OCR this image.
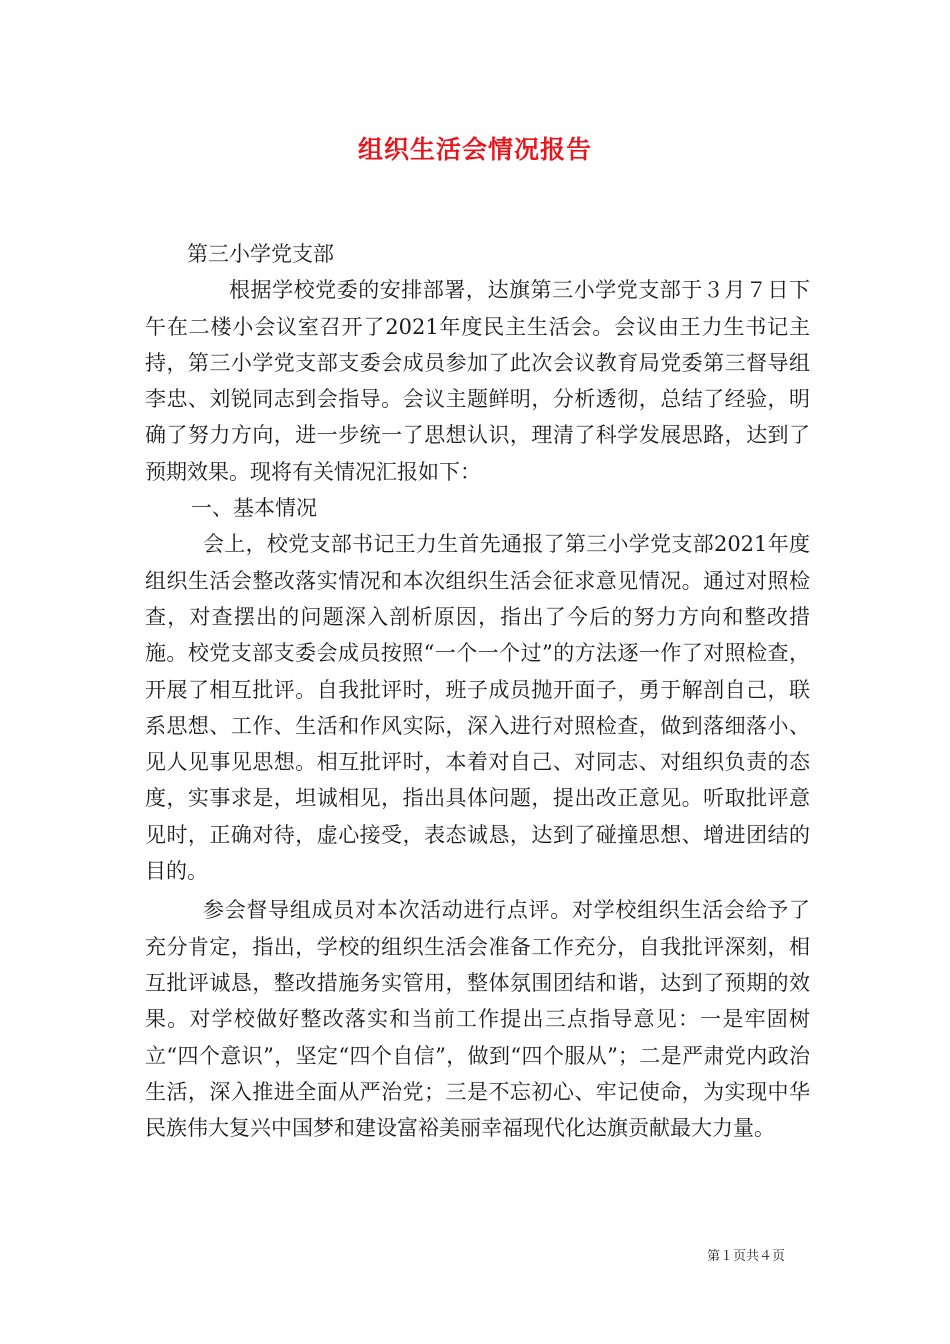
组织生活会情况报告

第三小学党支部

根据学校党委的安排部署，达旗第三小学党支部于３月７日下午在二楼小会议室召开了2021年度民主生活会。会议由王力生书记主持，第三小学党支部支委会成员参加了此次会议教育局党委第三督导组李忠、刘锐同志到会指导。会议主题鲜明，分析透彻，总结了经验，明确了努力方向，进一步统一了思想认识，理清了科学发展思路，达到了预期效果。现将有关情况汇报如下：

一、基本情况

会上，校党支部书记王力生首先通报了第三小学党支部2021年度组织生活会整改落实情况和本次组织生活会征求意见情况。通过对照检查，对查摆出的问题深入剖析原因，指出了今后的努力方向和整改措施。校党支部支委会成员按照“一个一个过”的方法逐一作了对照检查，开展了相互批评。自我批评时，班子成员抛开面子，勇于解剖自己，联系思想、工作、生活和作风实际，深入进行对照检查，做到落细落小、见人见事见思想。相互批评时，本着对自己、对同志、对组织负责的态度，实事求是，坦诚相见，指出具体问题，提出改正意见。听取批评意见时，正确对待，虚心接受，表态诚恳，达到了碰撞思想、增进团结的目的。

参会督导组成员对本次活动进行点评。对学校组织生活会给予了充分肯定，指出，学校的组织生活会准备工作充分，自我批评深刻，相互批评诚恳，整改措施务实管用，整体氛围团结和谐，达到了预期的效果。对学校做好整改落实和当前工作提出三点指导意见：一是牢固树立“四个意识”，坚定“四个自信”，做到“四个服从”；二是严肃党内政治生活，深入推进全面从严治党；三是不忘初心、牢记使命，为实现中华民族伟大复兴中国梦和建设富裕美丽幸福现代化达旗贡献最大力量。

第１页共４页
